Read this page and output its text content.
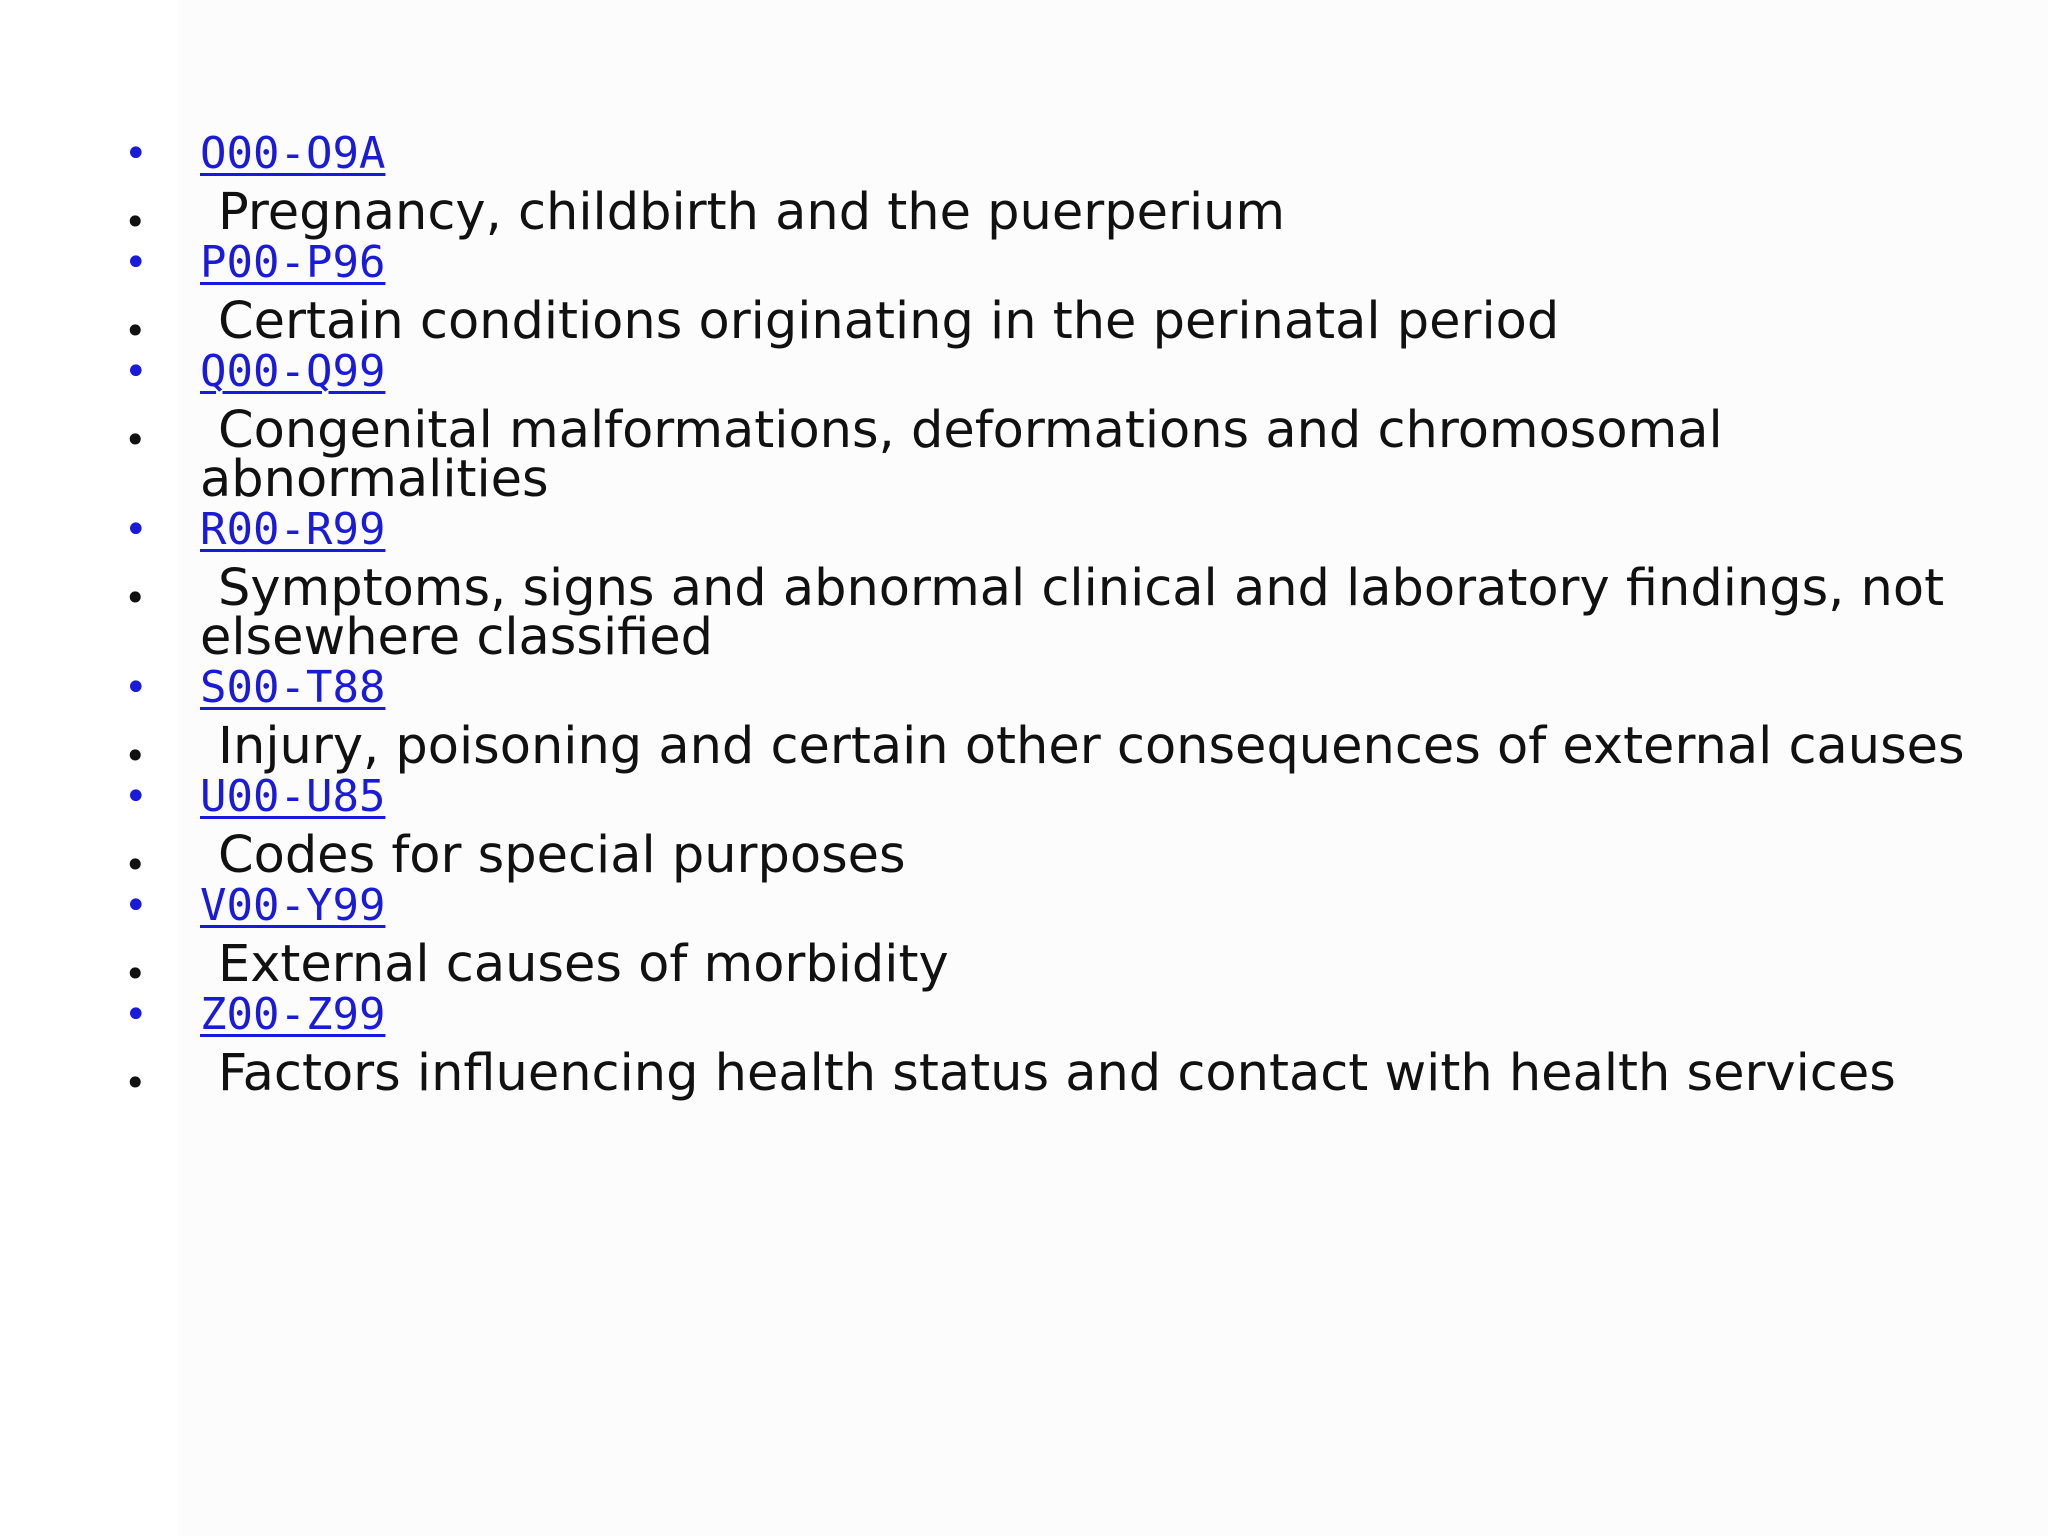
• O00-O9A
•	Pregnancy, childbirth and the puerperium
• P00-P96
•	Certain conditions originating in the perinatal period
• Q00-Q99
•	Congenital malformations, deformations and chromosomal abnormalities
• R00-R99
•	Symptoms, signs and abnormal clinical and laboratory findings, not elsewhere classified
• S00-T88
•	Injury, poisoning and certain other consequences of external causes
• U00-U85
•	Codes for special purposes
• V00-Y99
•	External causes of morbidity
• Z00-Z99
•	Factors influencing health status and contact with health services
